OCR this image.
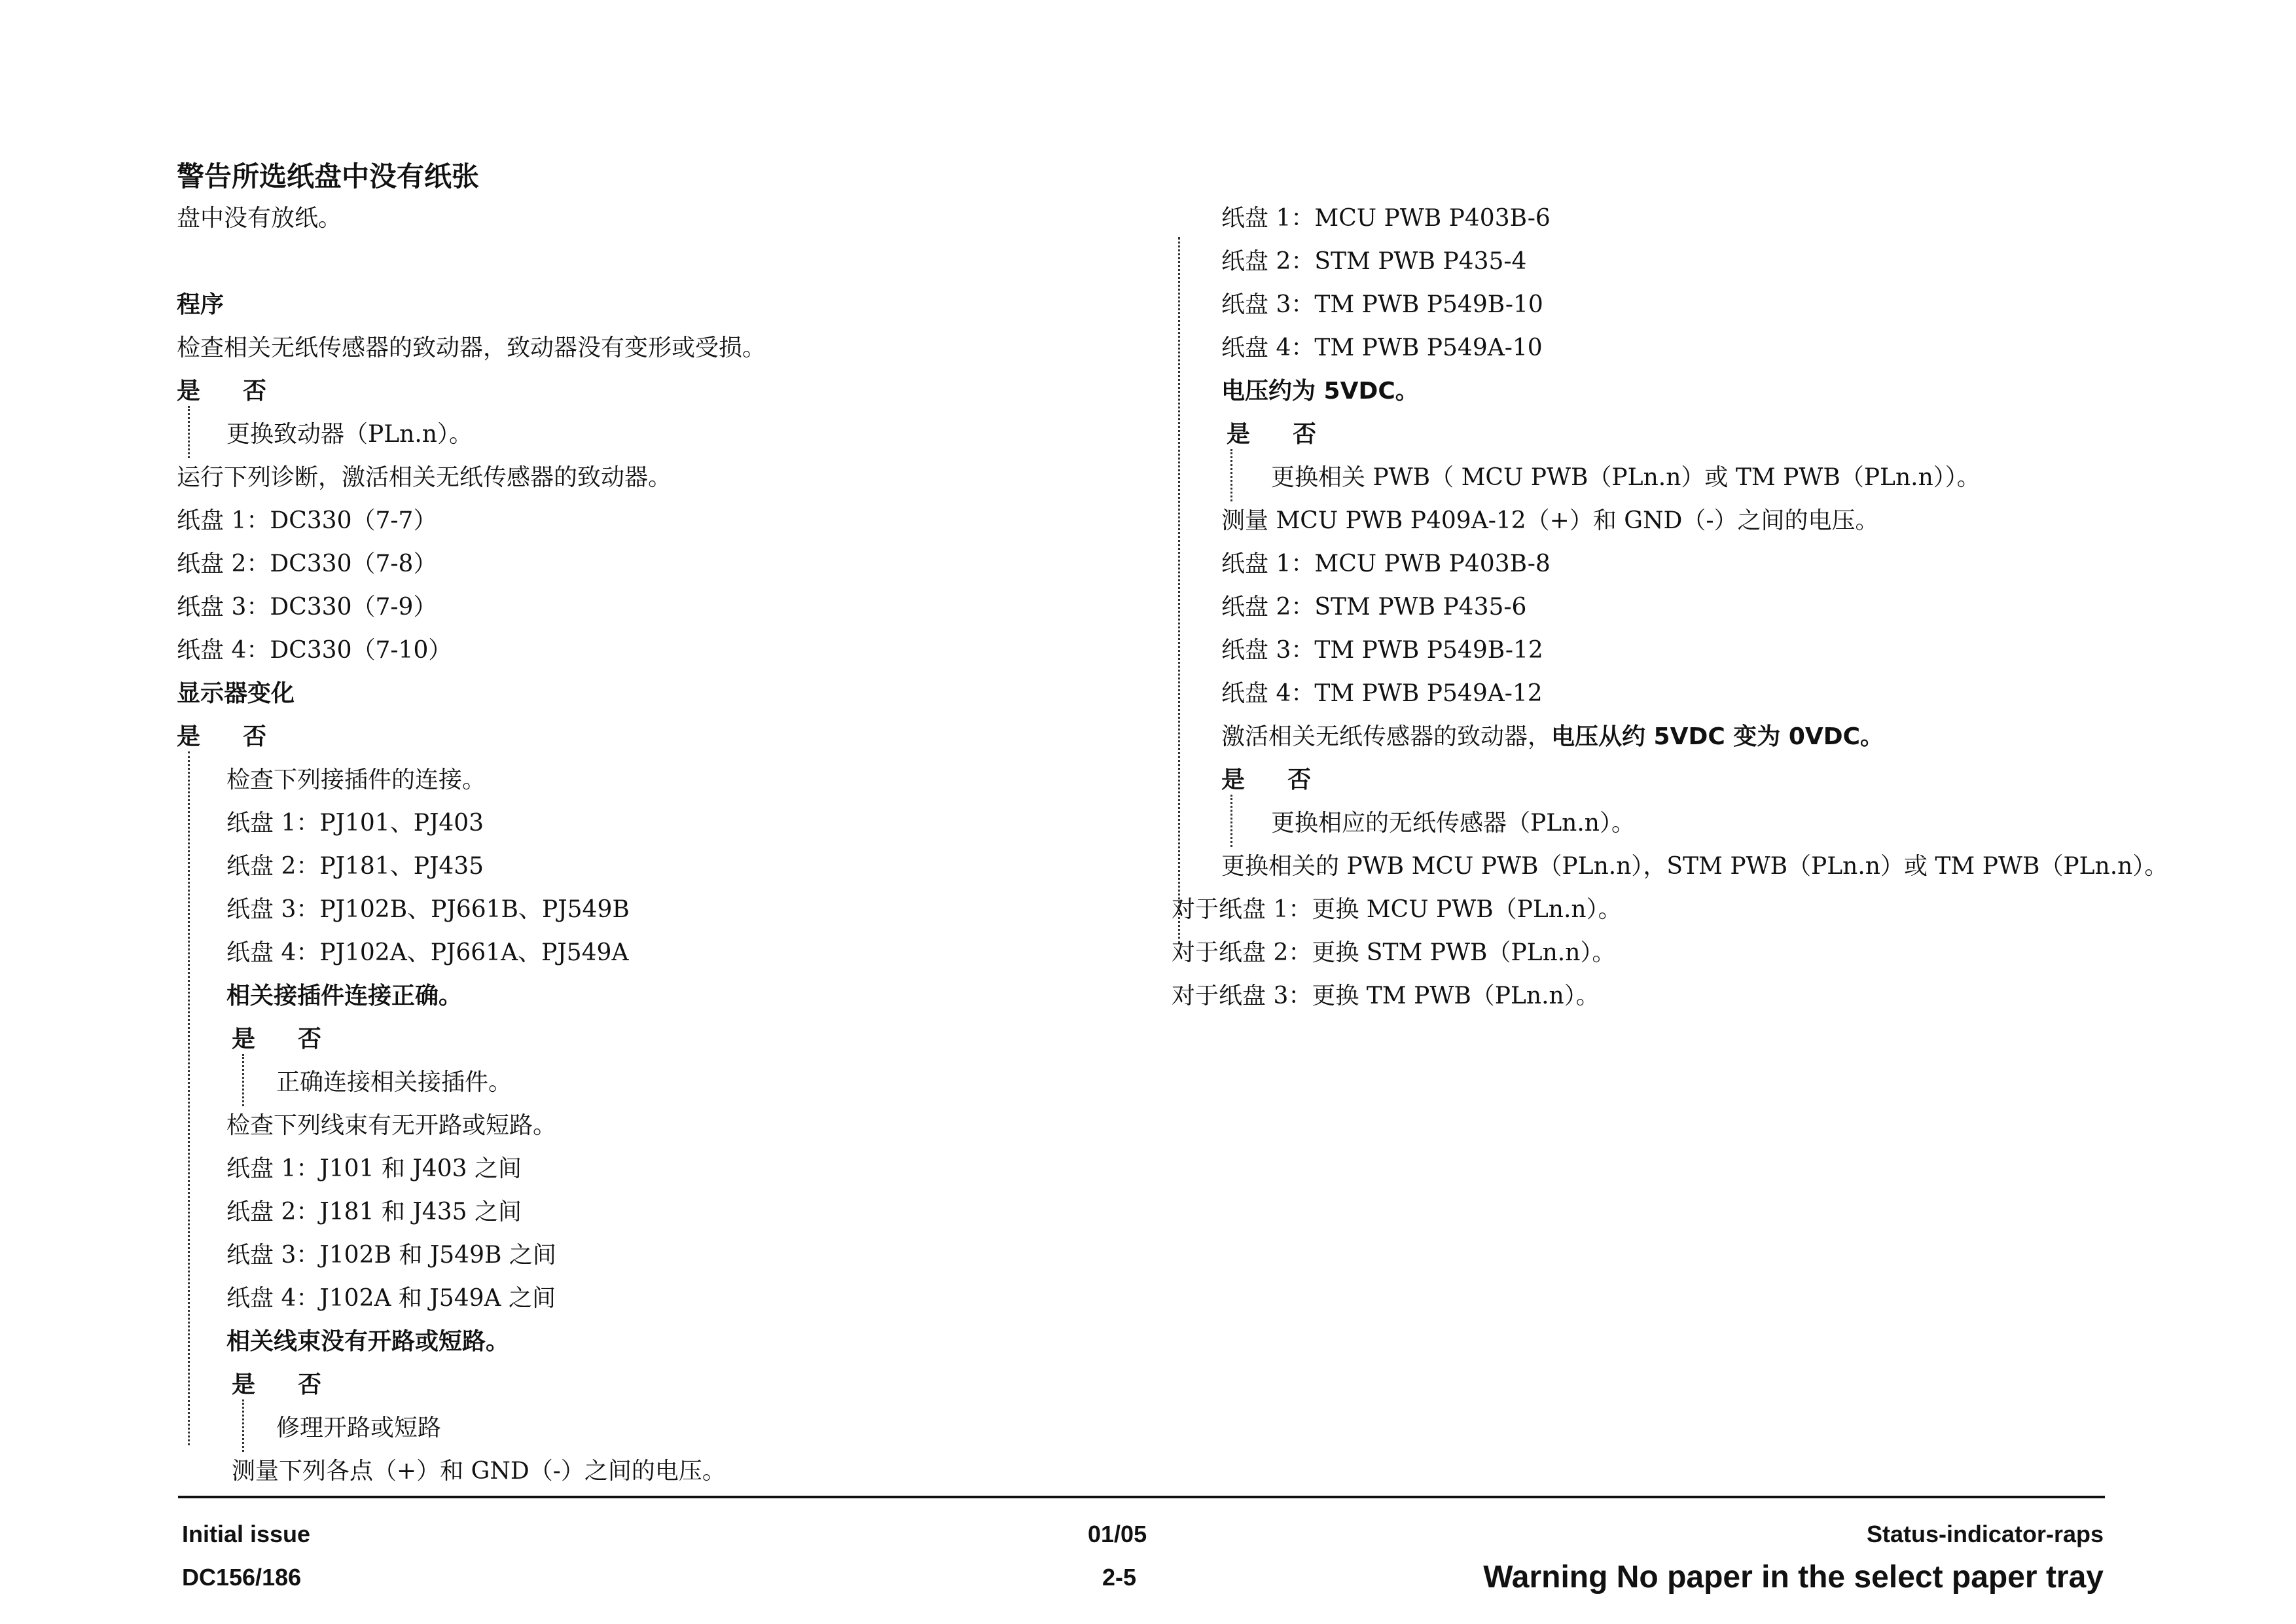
警告所选纸盘中没有纸张
盘中没有放纸。
程序
检查相关无纸传感器的致动器，致动器没有变形或受损。
是 否
更换致动器（PLn.n）。
运行下列诊断，激活相关无纸传感器的致动器。
纸盘 1：DC330（7-7）
纸盘 2：DC330（7-8）
纸盘 3：DC330（7-9）
纸盘 4：DC330（7-10）
显示器变化
是 否
检查下列接插件的连接。
纸盘 1：PJ101、PJ403
纸盘 2：PJ181、PJ435
纸盘 3：PJ102B、PJ661B、PJ549B
纸盘 4：PJ102A、PJ661A、PJ549A
相关接插件连接正确。
是 否
正确连接相关接插件。
检查下列线束有无开路或短路。
纸盘 1：J101 和 J403 之间
纸盘 2：J181 和 J435 之间
纸盘 3：J102B 和 J549B 之间
纸盘 4：J102A 和 J549A 之间
相关线束没有开路或短路。
是 否
修理开路或短路
测量下列各点（+）和 GND（-）之间的电压。
纸盘 1：MCU PWB P403B-6
纸盘 2：STM PWB P435-4
纸盘 3：TM PWB P549B-10
纸盘 4：TM PWB P549A-10
电压约为 5VDC。
是 否
更换相关 PWB（ MCU PWB（PLn.n）或 TM PWB（PLn.n））。
测量 MCU PWB P409A-12（+）和 GND（-）之间的电压。
纸盘 1：MCU PWB P403B-8
纸盘 2：STM PWB P435-6
纸盘 3：TM PWB P549B-12
纸盘 4：TM PWB P549A-12
激活相关无纸传感器的致动器，电压从约 5VDC 变为 0VDC。
是 否
更换相应的无纸传感器（PLn.n）。
更换相关的 PWB MCU PWB（PLn.n），STM PWB（PLn.n）或 TM PWB（PLn.n）。
对于纸盘 1：更换 MCU PWB（PLn.n）。
对于纸盘 2：更换 STM PWB（PLn.n）。
对于纸盘 3：更换 TM PWB（PLn.n）。
Initial issue
DC156/186
01/05
2-5
Status-indicator-raps
Warning No paper in the select paper tray
